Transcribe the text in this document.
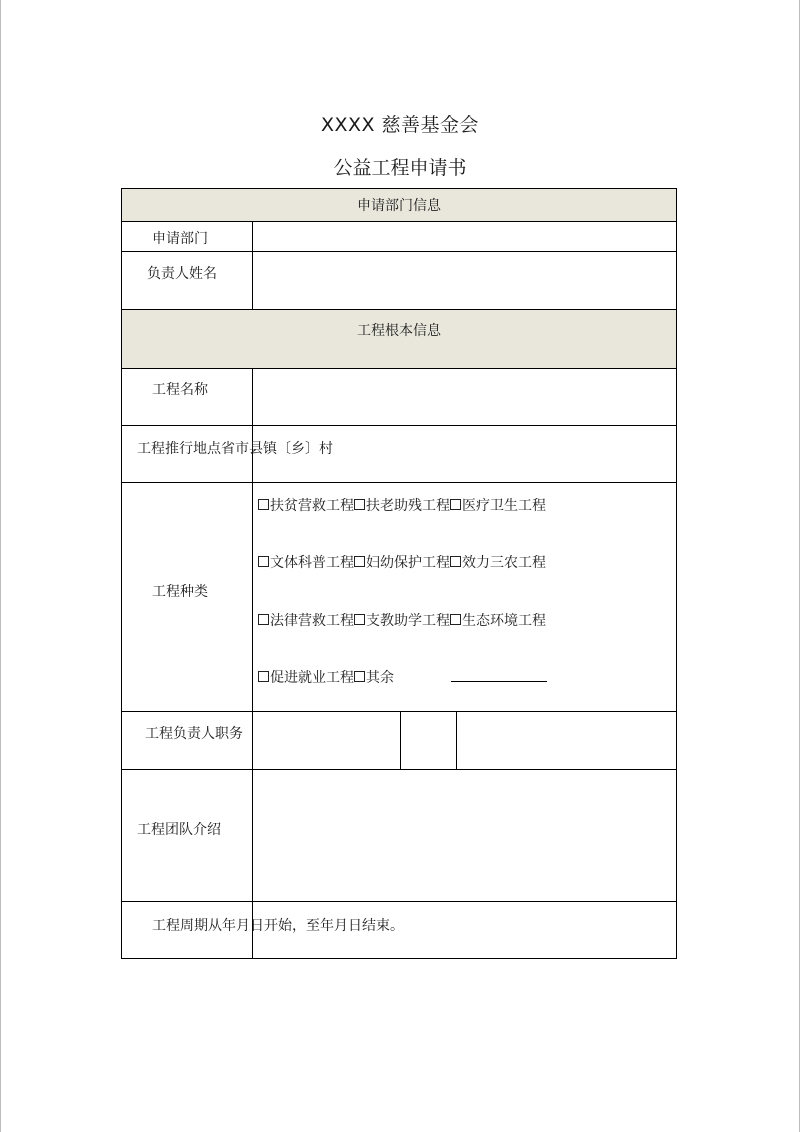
XXXX 慈善基金会
公益工程申请书
申请部门信息
工程根本信息
申请部门
负责人姓名
工程名称
工程推行地点省市县镇〔乡〕村
工程种类
扶贫营救工程 扶老助残工程 医疗卫生工程
文体科普工程 妇幼保护工程 效力三农工程
法律营救工程 支教助学工程 生态环境工程
促进就业工程 其余
工程负责人职务
工程团队介绍
工程周期从年月日开始，至年月日结束。
